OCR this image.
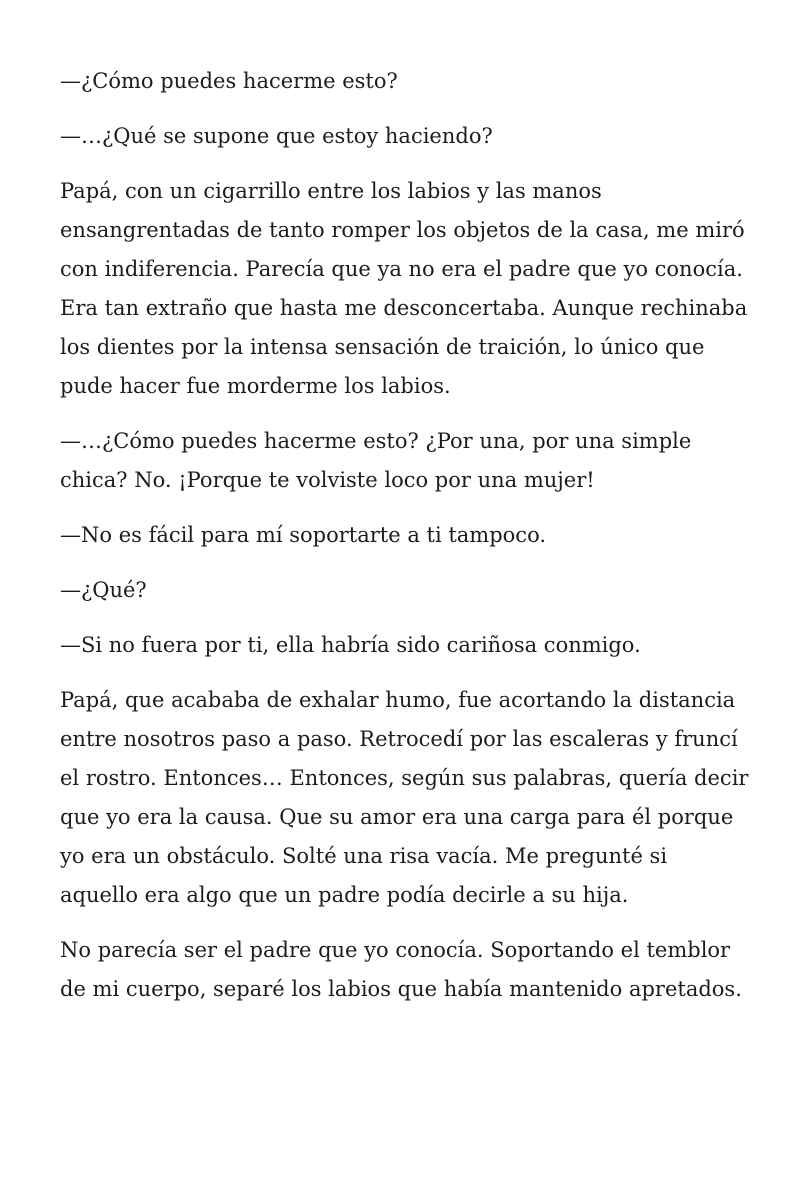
—¿Cómo puedes hacerme esto?

—…¿Qué se supone que estoy haciendo?

Papá, con un cigarrillo entre los labios y las manos ensangrentadas de tanto romper los objetos de la casa, me miró con indiferencia. Parecía que ya no era el padre que yo conocía. Era tan extraño que hasta me desconcertaba. Aunque rechinaba los dientes por la intensa sensación de traición, lo único que pude hacer fue morderme los labios.

—…¿Cómo puedes hacerme esto? ¿Por una, por una simple chica? No. ¡Porque te volviste loco por una mujer!

—No es fácil para mí soportarte a ti tampoco.

—¿Qué?

—Si no fuera por ti, ella habría sido cariñosa conmigo.

Papá, que acababa de exhalar humo, fue acortando la distancia entre nosotros paso a paso. Retrocedí por las escaleras y fruncí el rostro. Entonces… Entonces, según sus palabras, quería decir que yo era la causa. Que su amor era una carga para él porque yo era un obstáculo. Solté una risa vacía. Me pregunté si aquello era algo que un padre podía decirle a su hija.

No parecía ser el padre que yo conocía. Soportando el temblor de mi cuerpo, separé los labios que había mantenido apretados.
